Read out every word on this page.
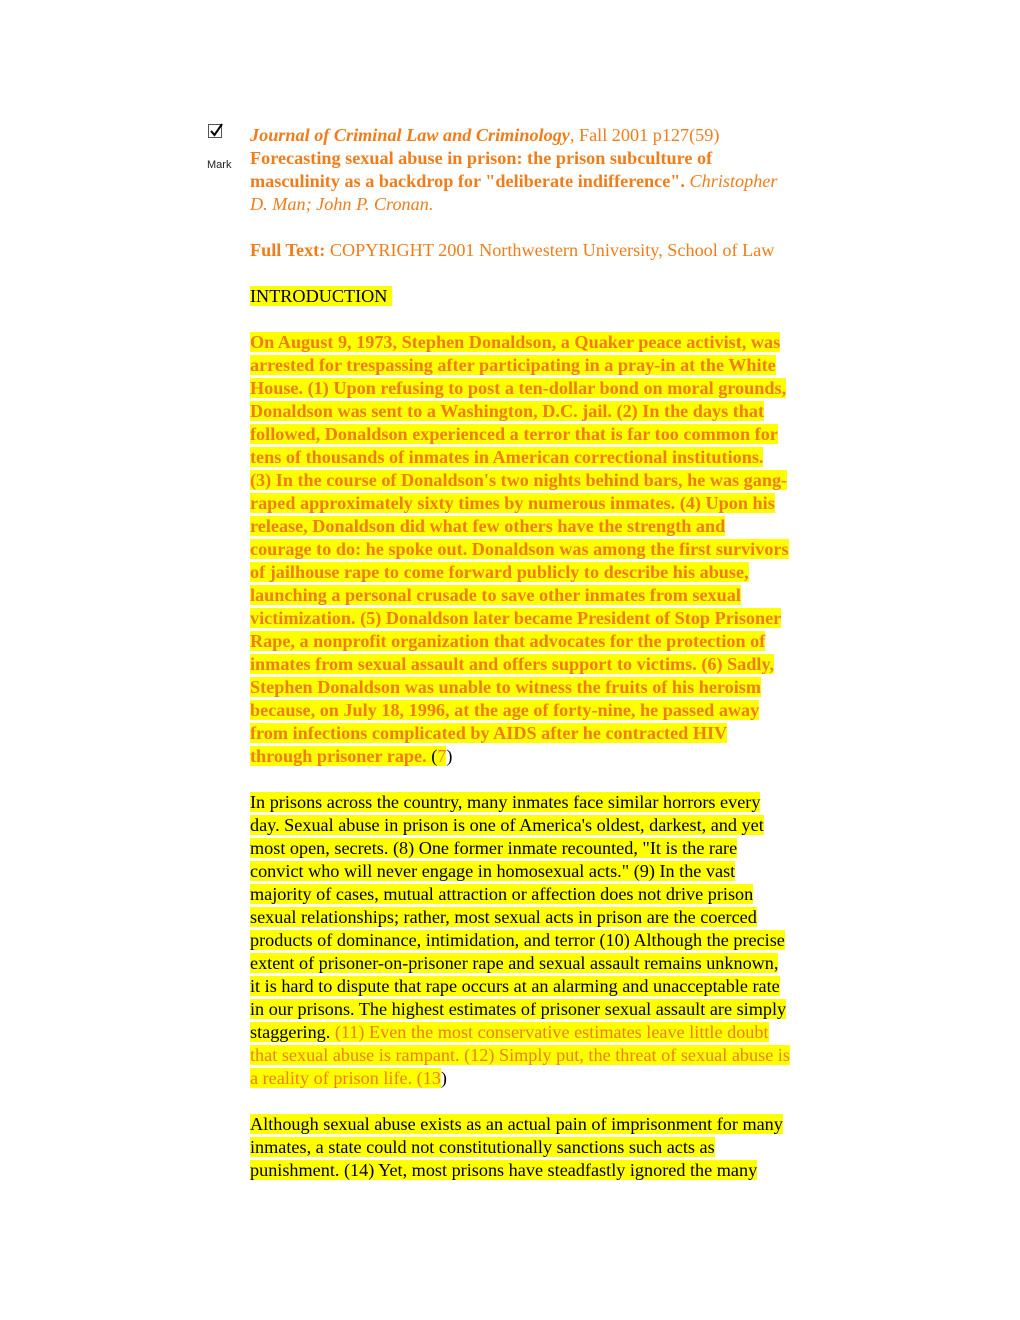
Mark
Journal of Criminal Law and Criminology, Fall 2001 p127(59)
Forecasting sexual abuse in prison: the prison subculture of
masculinity as a backdrop for "deliberate indifference". Christopher
D. Man; John P. Cronan.
Full Text: COPYRIGHT 2001 Northwestern University, School of Law
INTRODUCTION
On August 9, 1973, Stephen Donaldson, a Quaker peace activist, was
arrested for trespassing after participating in a pray-in at the White
House. (1) Upon refusing to post a ten-dollar bond on moral grounds,
Donaldson was sent to a Washington, D.C. jail. (2) In the days that
followed, Donaldson experienced a terror that is far too common for
tens of thousands of inmates in American correctional institutions.
(3) In the course of Donaldson's two nights behind bars, he was gang-
raped approximately sixty times by numerous inmates. (4) Upon his
release, Donaldson did what few others have the strength and
courage to do: he spoke out. Donaldson was among the first survivors
of jailhouse rape to come forward publicly to describe his abuse,
launching a personal crusade to save other inmates from sexual
victimization. (5) Donaldson later became President of Stop Prisoner
Rape, a nonprofit organization that advocates for the protection of
inmates from sexual assault and offers support to victims. (6) Sadly,
Stephen Donaldson was unable to witness the fruits of his heroism
because, on July 18, 1996, at the age of forty-nine, he passed away
from infections complicated by AIDS after he contracted HIV
through prisoner rape. (7)
In prisons across the country, many inmates face similar horrors every
day. Sexual abuse in prison is one of America's oldest, darkest, and yet
most open, secrets. (8) One former inmate recounted, "It is the rare
convict who will never engage in homosexual acts." (9) In the vast
majority of cases, mutual attraction or affection does not drive prison
sexual relationships; rather, most sexual acts in prison are the coerced
products of dominance, intimidation, and terror (10) Although the precise
extent of prisoner-on-prisoner rape and sexual assault remains unknown,
it is hard to dispute that rape occurs at an alarming and unacceptable rate
in our prisons. The highest estimates of prisoner sexual assault are simply
staggering. (11) Even the most conservative estimates leave little doubt
that sexual abuse is rampant. (12) Simply put, the threat of sexual abuse is
a reality of prison life. (13)
Although sexual abuse exists as an actual pain of imprisonment for many
inmates, a state could not constitutionally sanctions such acts as
punishment. (14) Yet, most prisons have steadfastly ignored the many
